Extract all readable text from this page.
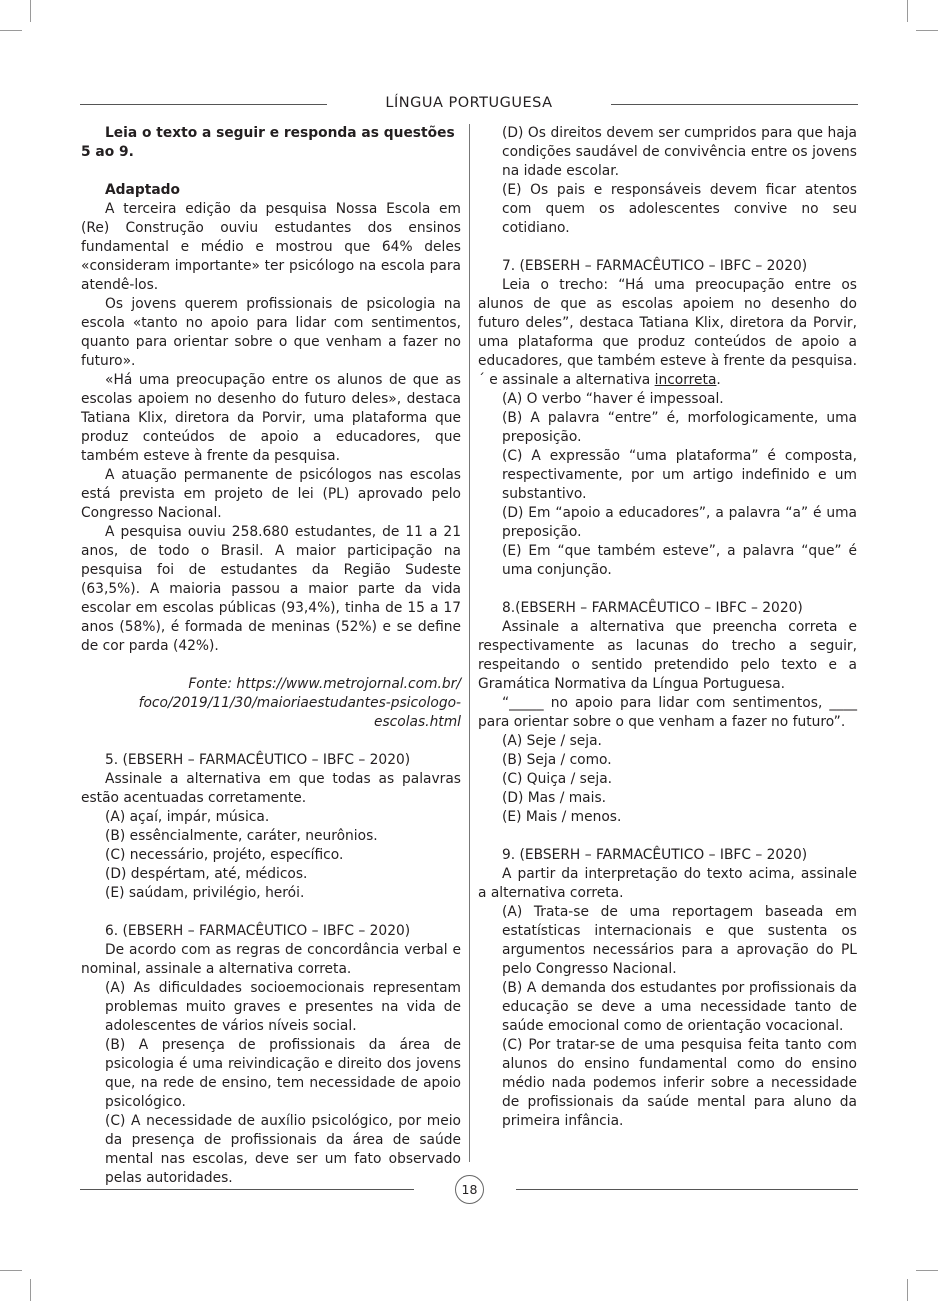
LÍNGUA PORTUGUESA

Leia o texto a seguir e responda as questões 5 ao 9.

Adaptado

A terceira edição da pesquisa Nossa Escola em (Re) Construção ouviu estudantes dos ensinos fundamental e médio e mostrou que 64% deles «consideram importante» ter psicólogo na escola para atendê-los.

Os jovens querem profissionais de psicologia na escola «tanto no apoio para lidar com sentimentos, quanto para orientar sobre o que venham a fazer no futuro».

«Há uma preocupação entre os alunos de que as escolas apoiem no desenho do futuro deles», destaca Tatiana Klix, diretora da Porvir, uma plataforma que produz conteúdos de apoio a educadores, que também esteve à frente da pesquisa.

A atuação permanente de psicólogos nas escolas está prevista em projeto de lei (PL) aprovado pelo Congresso Nacional.

A pesquisa ouviu 258.680 estudantes, de 11 a 21 anos, de todo o Brasil. A maior participação na pesquisa foi de estudantes da Região Sudeste (63,5%). A maioria passou a maior parte da vida escolar em escolas públicas (93,4%), tinha de 15 a 17 anos (58%), é formada de meninas (52%) e se define de cor parda (42%).

Fonte: https://www.metrojornal.com.br/ foco/2019/11/30/maioriaestudantes-psicologo-escolas.html

5. (EBSERH – FARMACÊUTICO – IBFC – 2020)

Assinale a alternativa em que todas as palavras estão acentuadas corretamente.

(A) açaí, impár, música.

(B) essêncialmente, caráter, neurônios.

(C) necessário, projéto, específico.

(D) despértam, até, médicos.

(E) saúdam, privilégio, herói.

6. (EBSERH – FARMACÊUTICO – IBFC – 2020)

De acordo com as regras de concordância verbal e nominal, assinale a alternativa correta.

(A) As dificuldades socioemocionais representam problemas muito graves e presentes na vida de adolescentes de vários níveis social.

(B) A presença de profissionais da área de psicologia é uma reivindicação e direito dos jovens que, na rede de ensino, tem necessidade de apoio psicológico.

(C) A necessidade de auxílio psicológico, por meio da presença de profissionais da área de saúde mental nas escolas, deve ser um fato observado pelas autoridades.

(D) Os direitos devem ser cumpridos para que haja condições saudável de convivência entre os jovens na idade escolar.

(E) Os pais e responsáveis devem ficar atentos com quem os adolescentes convive no seu cotidiano.

7. (EBSERH – FARMACÊUTICO – IBFC – 2020)

Leia o trecho: “Há uma preocupação entre os alunos de que as escolas apoiem no desenho do futuro deles”, destaca Tatiana Klix, diretora da Porvir, uma plataforma que produz conteúdos de apoio a educadores, que também esteve à frente da pesquisa.´ e assinale a alternativa incorreta.

(A) O verbo “haver é impessoal.

(B) A palavra “entre” é, morfologicamente, uma preposição.

(C) A expressão “uma plataforma” é composta, respectivamente, por um artigo indefinido e um substantivo.

(D) Em “apoio a educadores”, a palavra “a” é uma preposição.

(E) Em “que também esteve”, a palavra “que” é uma conjunção.

8.(EBSERH – FARMACÊUTICO – IBFC – 2020)

Assinale a alternativa que preencha correta e respectivamente as lacunas do trecho a seguir, respeitando o sentido pretendido pelo texto e a Gramática Normativa da Língua Portuguesa.

“_____ no apoio para lidar com sentimentos, ____ para orientar sobre o que venham a fazer no futuro”.

(A) Seje / seja.

(B) Seja / como.

(C) Quiça / seja.

(D) Mas / mais.

(E) Mais / menos.

9. (EBSERH – FARMACÊUTICO – IBFC – 2020)

A partir da interpretação do texto acima, assinale a alternativa correta.

(A) Trata-se de uma reportagem baseada em estatísticas internacionais e que sustenta os argumentos necessários para a aprovação do PL pelo Congresso Nacional.

(B) A demanda dos estudantes por profissionais da educação se deve a uma necessidade tanto de saúde emocional como de orientação vocacional.

(C) Por tratar-se de uma pesquisa feita tanto com alunos do ensino fundamental como do ensino médio nada podemos inferir sobre a necessidade de profissionais da saúde mental para aluno da primeira infância.

18
